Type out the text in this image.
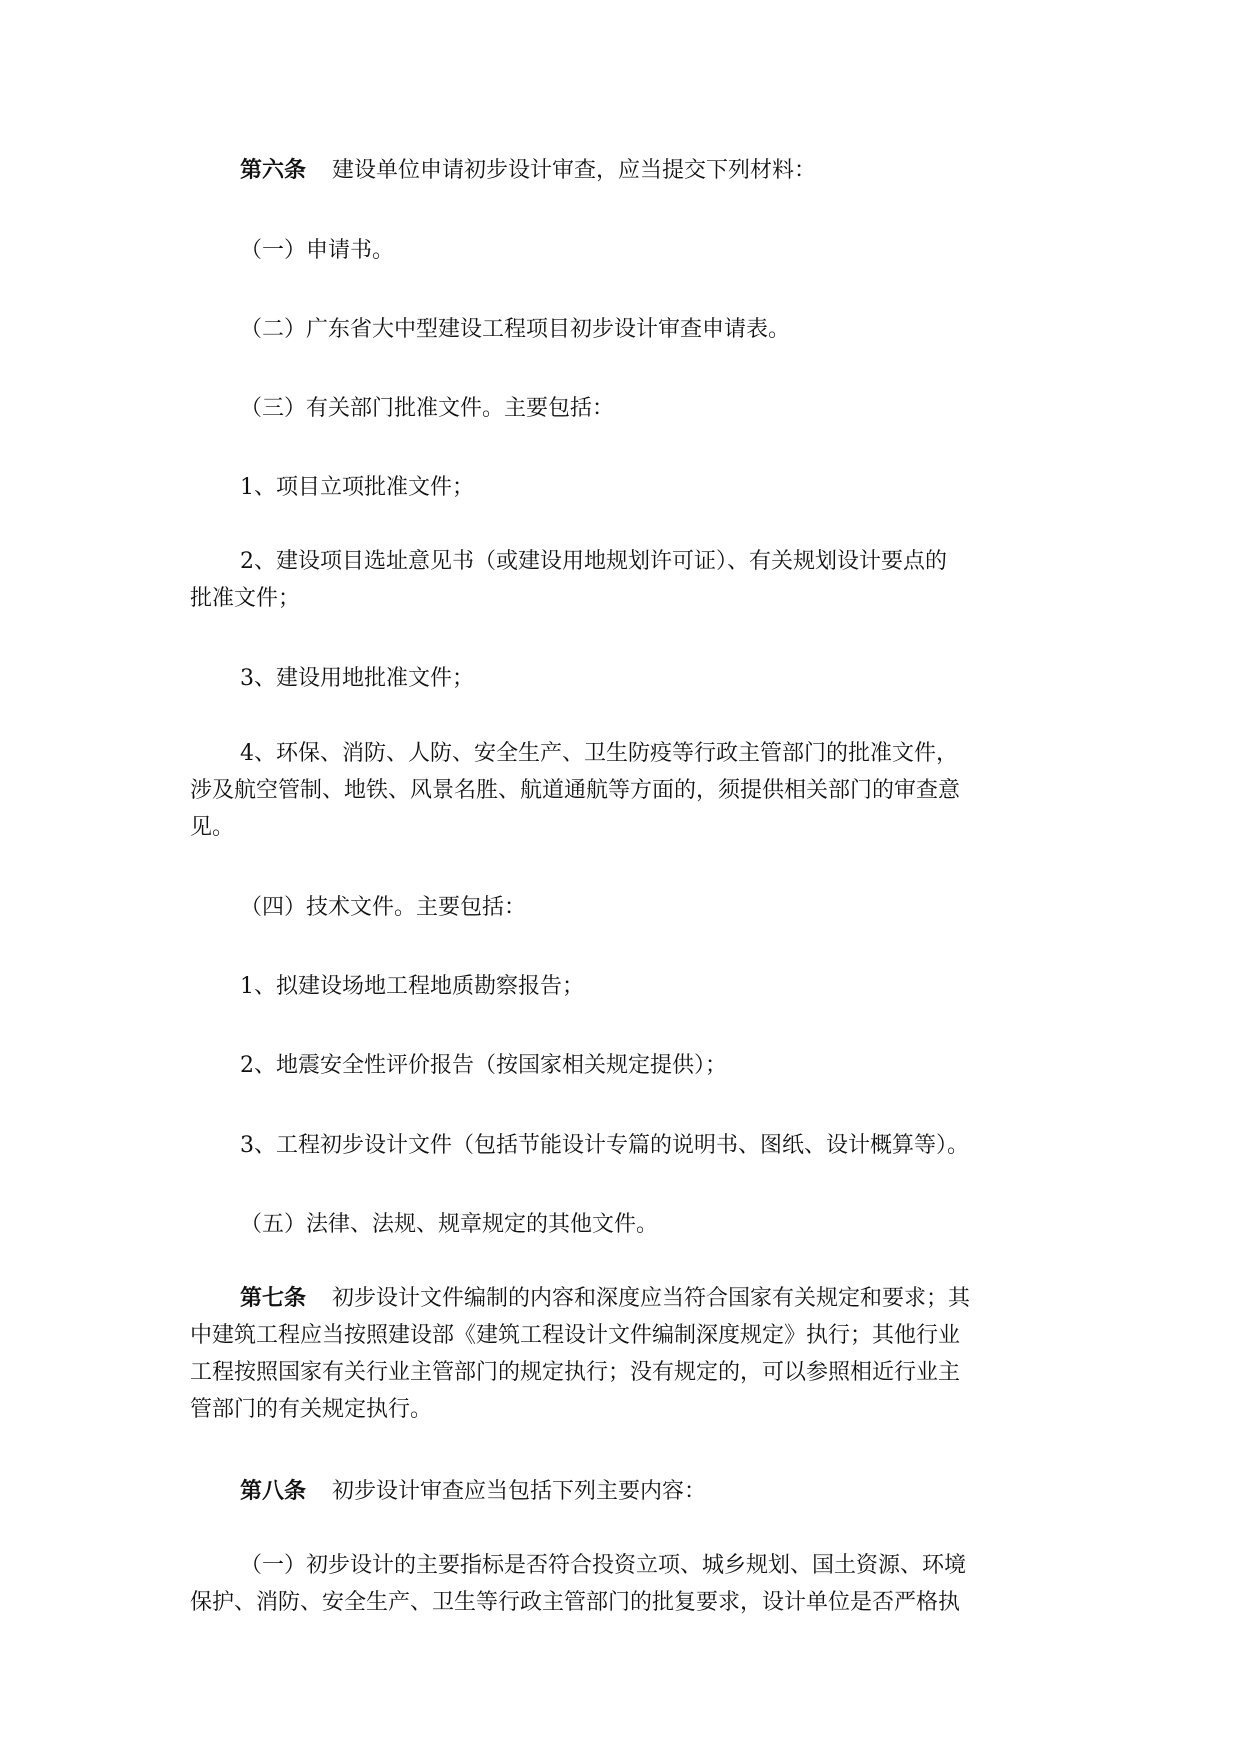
第六条 建设单位申请初步设计审查，应当提交下列材料：

（一）申请书。

（二）广东省大中型建设工程项目初步设计审查申请表。

（三）有关部门批准文件。主要包括：

1、项目立项批准文件；

2、建设项目选址意见书（或建设用地规划许可证）、有关规划设计要点的
批准文件；

3、建设用地批准文件；

4、环保、消防、人防、安全生产、卫生防疫等行政主管部门的批准文件，
涉及航空管制、地铁、风景名胜、航道通航等方面的，须提供相关部门的审查意
见。

（四）技术文件。主要包括：

1、拟建设场地工程地质勘察报告；

2、地震安全性评价报告（按国家相关规定提供）；

3、工程初步设计文件（包括节能设计专篇的说明书、图纸、设计概算等）。

（五）法律、法规、规章规定的其他文件。

第七条 初步设计文件编制的内容和深度应当符合国家有关规定和要求；其
中建筑工程应当按照建设部《建筑工程设计文件编制深度规定》执行；其他行业
工程按照国家有关行业主管部门的规定执行；没有规定的，可以参照相近行业主
管部门的有关规定执行。

第八条 初步设计审查应当包括下列主要内容：

（一）初步设计的主要指标是否符合投资立项、城乡规划、国土资源、环境
保护、消防、安全生产、卫生等行政主管部门的批复要求，设计单位是否严格执
